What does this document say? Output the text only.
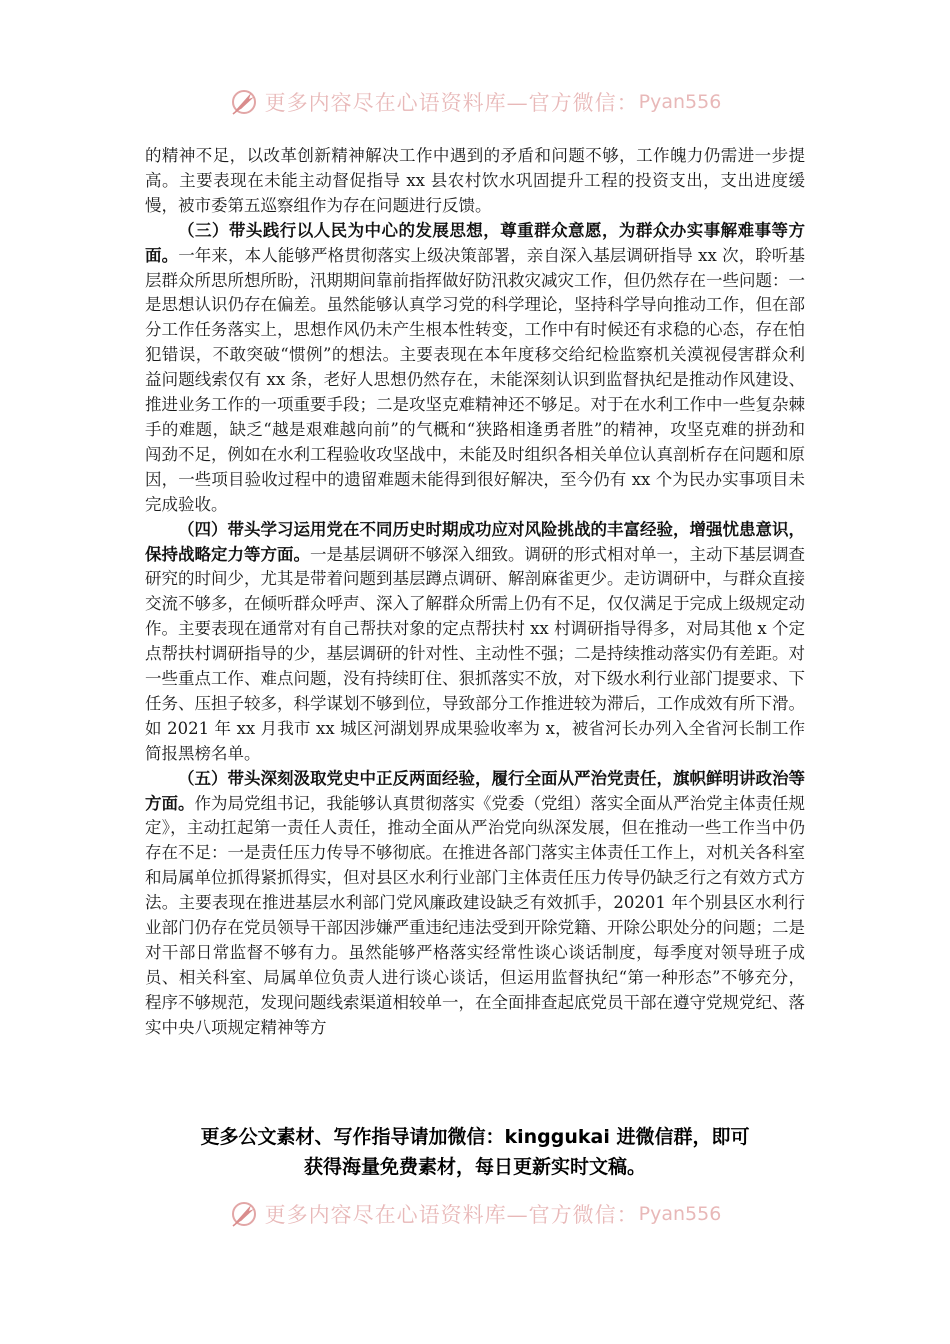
更多内容尽在心语资料库—官方微信： Pyan556

的精神不足，以改革创新精神解决工作中遇到的矛盾和问题不够，工作魄力仍需进一步提高。主要表现在未能主动督促指导 xx 县农村饮水巩固提升工程的投资支出，支出进度缓慢，被市委第五巡察组作为存在问题进行反馈。

（三）带头践行以人民为中心的发展思想，尊重群众意愿，为群众办实事解难事等方面。一年来，本人能够严格贯彻落实上级决策部署，亲自深入基层调研指导 xx 次，聆听基层群众所思所想所盼，汛期期间靠前指挥做好防汛救灾减灾工作，但仍然存在一些问题：一是思想认识仍存在偏差。虽然能够认真学习党的科学理论，坚持科学导向推动工作，但在部分工作任务落实上，思想作风仍未产生根本性转变，工作中有时候还有求稳的心态，存在怕犯错误，不敢突破“惯例”的想法。主要表现在本年度移交给纪检监察机关漠视侵害群众利益问题线索仅有 xx 条，老好人思想仍然存在，未能深刻认识到监督执纪是推动作风建设、推进业务工作的一项重要手段；二是攻坚克难精神还不够足。对于在水利工作中一些复杂棘手的难题，缺乏“越是艰难越向前”的气概和“狭路相逢勇者胜”的精神，攻坚克难的拼劲和闯劲不足，例如在水利工程验收攻坚战中，未能及时组织各相关单位认真剖析存在问题和原因，一些项目验收过程中的遗留难题未能得到很好解决，至今仍有 xx 个为民办实事项目未完成验收。

（四）带头学习运用党在不同历史时期成功应对风险挑战的丰富经验，增强忧患意识，保持战略定力等方面。一是基层调研不够深入细致。调研的形式相对单一，主动下基层调查研究的时间少，尤其是带着问题到基层蹲点调研、解剖麻雀更少。走访调研中，与群众直接交流不够多，在倾听群众呼声、深入了解群众所需上仍有不足，仅仅满足于完成上级规定动作。主要表现在通常对有自己帮扶对象的定点帮扶村 xx 村调研指导得多，对局其他 x 个定点帮扶村调研指导的少，基层调研的针对性、主动性不强；二是持续推动落实仍有差距。对一些重点工作、难点问题，没有持续盯住、狠抓落实不放，对下级水利行业部门提要求、下任务、压担子较多，科学谋划不够到位，导致部分工作推进较为滞后，工作成效有所下滑。如 2021 年 xx 月我市 xx 城区河湖划界成果验收率为 x，被省河长办列入全省河长制工作简报黑榜名单。

（五）带头深刻汲取党史中正反两面经验，履行全面从严治党责任，旗帜鲜明讲政治等方面。作为局党组书记，我能够认真贯彻落实《党委（党组）落实全面从严治党主体责任规定》，主动扛起第一责任人责任，推动全面从严治党向纵深发展，但在推动一些工作当中仍存在不足：一是责任压力传导不够彻底。在推进各部门落实主体责任工作上，对机关各科室和局属单位抓得紧抓得实，但对县区水利行业部门主体责任压力传导仍缺乏行之有效方式方法。主要表现在推进基层水利部门党风廉政建设缺乏有效抓手，20201 年个别县区水利行业部门仍存在党员领导干部因涉嫌严重违纪违法受到开除党籍、开除公职处分的问题；二是对干部日常监督不够有力。虽然能够严格落实经常性谈心谈话制度，每季度对领导班子成员、相关科室、局属单位负责人进行谈心谈话，但运用监督执纪“第一种形态”不够充分，程序不够规范，发现问题线索渠道相较单一，在全面排查起底党员干部在遵守党规党纪、落实中央八项规定精神等方

更多公文素材、写作指导请加微信：kinggukai 进微信群，即可
获得海量免费素材，每日更新实时文稿。
更多内容尽在心语资料库—官方微信： Pyan556
